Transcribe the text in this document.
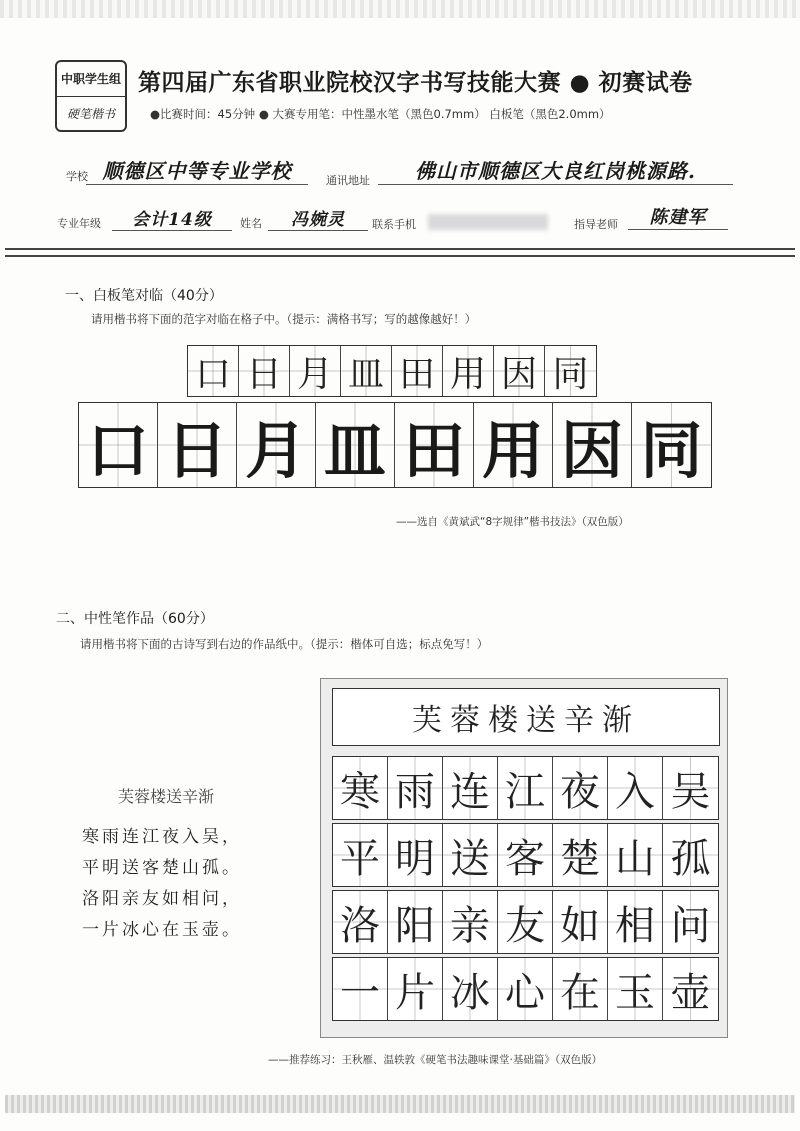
中职学生组
硬笔楷书
第四届广东省职业院校汉字书写技能大赛 ● 初赛试卷
●比赛时间：45分钟 ● 大赛专用笔：中性墨水笔（黑色0.7mm） 白板笔（黑色2.0mm）
学校 顺德区中等专业学校	通讯地址	佛山市顺德区大良红岗桃源路.
专业年级	会计14级	姓名	冯婉灵	联系手机	指导老师	陈建军
一、白板笔对临（40分）
请用楷书将下面的范字对临在格子中。（提示：满格书写；写的越像越好！）
口 日 月 皿 田 用 因 同
口 日 月 皿 田 用 因 同
——选自《黄斌武“8字规律”楷书技法》（双色版）
二、中性笔作品（60分）
请用楷书将下面的古诗写到右边的作品纸中。（提示：楷体可自选；标点免写！）
芙蓉楼送辛渐
寒雨连江夜入吴，
平明送客楚山孤。
洛阳亲友如相问，
一片冰心在玉壶。
芙蓉楼送辛渐
寒 雨 连 江 夜 入 吴
平 明 送 客 楚 山 孤
洛 阳 亲 友 如 相 问
一 片 冰 心 在 玉 壶
——推荐练习：王秋雁、温轶敦《硬笔书法趣味课堂·基础篇》（双色版）
